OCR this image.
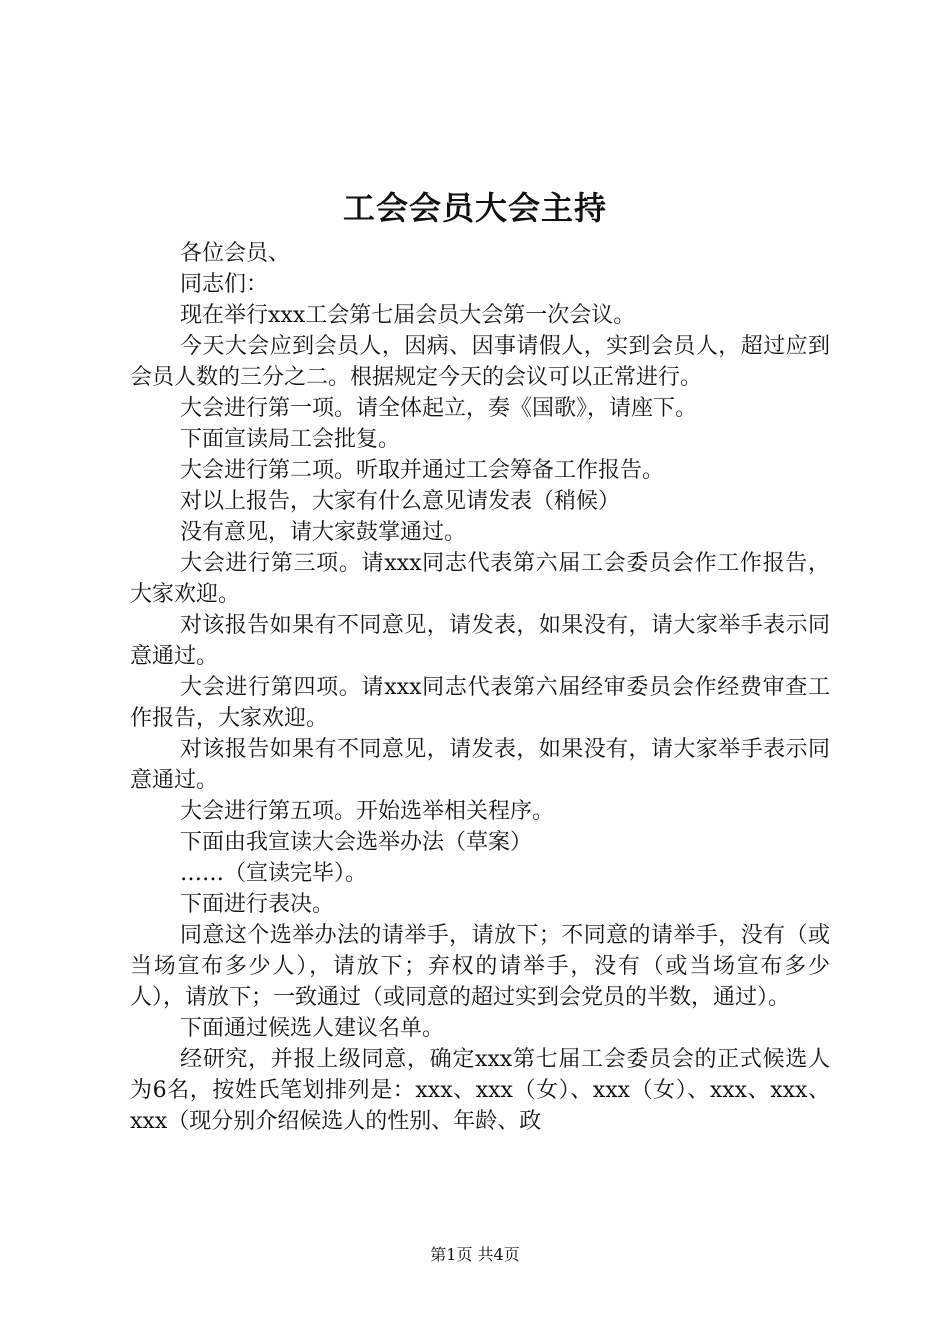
工会会员大会主持

各位会员、

同志们：

现在举行xxx工会第七届会员大会第一次会议。

今天大会应到会员人，因病、因事请假人，实到会员人，超过应到会员人数的三分之二。根据规定今天的会议可以正常进行。

大会进行第一项。请全体起立，奏《国歌》，请座下。

下面宣读局工会批复。

大会进行第二项。听取并通过工会筹备工作报告。

对以上报告，大家有什么意见请发表（稍候）

没有意见，请大家鼓掌通过。

大会进行第三项。请xxx同志代表第六届工会委员会作工作报告，大家欢迎。

对该报告如果有不同意见，请发表，如果没有，请大家举手表示同意通过。

大会进行第四项。请xxx同志代表第六届经审委员会作经费审查工作报告，大家欢迎。

对该报告如果有不同意见，请发表，如果没有，请大家举手表示同意通过。

大会进行第五项。开始选举相关程序。

下面由我宣读大会选举办法（草案）

……（宣读完毕）。

下面进行表决。

同意这个选举办法的请举手，请放下；不同意的请举手，没有（或当场宣布多少人），请放下；弃权的请举手，没有（或当场宣布多少人），请放下；一致通过（或同意的超过实到会党员的半数，通过）。

下面通过候选人建议名单。

经研究，并报上级同意，确定xxx第七届工会委员会的正式候选人为6名，按姓氏笔划排列是：xxx、xxx（女）、xxx（女）、xxx、xxx、xxx（现分别介绍候选人的性别、年龄、政

第1页 共4页
